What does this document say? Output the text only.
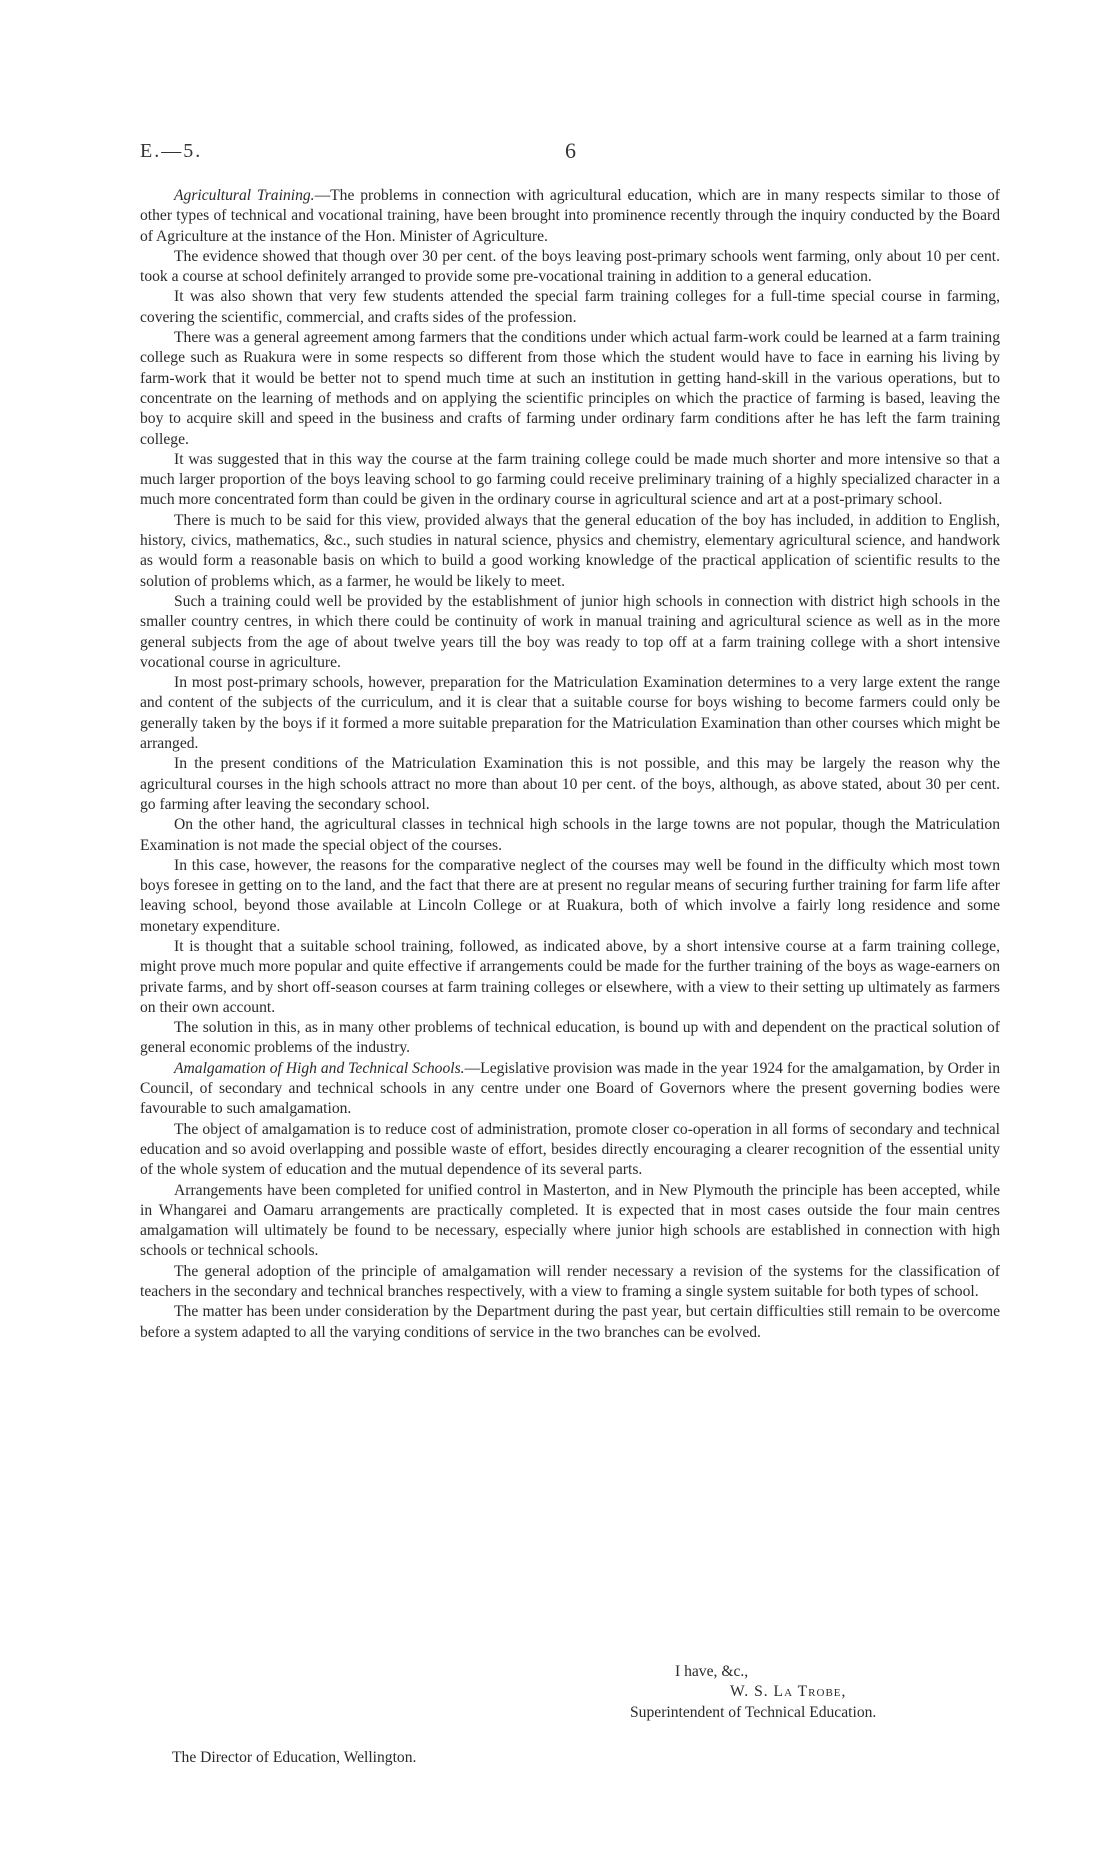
E.—5.	6

Agricultural Training.—The problems in connection with agricultural education, which are in many respects similar to those of other types of technical and vocational training, have been brought into prominence recently through the inquiry conducted by the Board of Agriculture at the instance of the Hon. Minister of Agriculture.

The evidence showed that though over 30 per cent. of the boys leaving post-primary schools went farming, only about 10 per cent. took a course at school definitely arranged to provide some pre-vocational training in addition to a general education.

It was also shown that very few students attended the special farm training colleges for a full-time special course in farming, covering the scientific, commercial, and crafts sides of the profession.

There was a general agreement among farmers that the conditions under which actual farm-work could be learned at a farm training college such as Ruakura were in some respects so different from those which the student would have to face in earning his living by farm-work that it would be better not to spend much time at such an institution in getting hand-skill in the various operations, but to concentrate on the learning of methods and on applying the scientific principles on which the practice of farming is based, leaving the boy to acquire skill and speed in the business and crafts of farming under ordinary farm conditions after he has left the farm training college.

It was suggested that in this way the course at the farm training college could be made much shorter and more intensive so that a much larger proportion of the boys leaving school to go farming could receive preliminary training of a highly specialized character in a much more concentrated form than could be given in the ordinary course in agricultural science and art at a post-primary school.

There is much to be said for this view, provided always that the general education of the boy has included, in addition to English, history, civics, mathematics, &c., such studies in natural science, physics and chemistry, elementary agricultural science, and handwork as would form a reasonable basis on which to build a good working knowledge of the practical application of scientific results to the solution of problems which, as a farmer, he would be likely to meet.

Such a training could well be provided by the establishment of junior high schools in connection with district high schools in the smaller country centres, in which there could be continuity of work in manual training and agricultural science as well as in the more general subjects from the age of about twelve years till the boy was ready to top off at a farm training college with a short intensive vocational course in agriculture.

In most post-primary schools, however, preparation for the Matriculation Examination determines to a very large extent the range and content of the subjects of the curriculum, and it is clear that a suitable course for boys wishing to become farmers could only be generally taken by the boys if it formed a more suitable preparation for the Matriculation Examination than other courses which might be arranged.

In the present conditions of the Matriculation Examination this is not possible, and this may be largely the reason why the agricultural courses in the high schools attract no more than about 10 per cent. of the boys, although, as above stated, about 30 per cent. go farming after leaving the secondary school.

On the other hand, the agricultural classes in technical high schools in the large towns are not popular, though the Matriculation Examination is not made the special object of the courses.

In this case, however, the reasons for the comparative neglect of the courses may well be found in the difficulty which most town boys foresee in getting on to the land, and the fact that there are at present no regular means of securing further training for farm life after leaving school, beyond those available at Lincoln College or at Ruakura, both of which involve a fairly long residence and some monetary expenditure.

It is thought that a suitable school training, followed, as indicated above, by a short intensive course at a farm training college, might prove much more popular and quite effective if arrangements could be made for the further training of the boys as wage-earners on private farms, and by short off-season courses at farm training colleges or elsewhere, with a view to their setting up ultimately as farmers on their own account.

The solution in this, as in many other problems of technical education, is bound up with and dependent on the practical solution of general economic problems of the industry.

Amalgamation of High and Technical Schools.—Legislative provision was made in the year 1924 for the amalgamation, by Order in Council, of secondary and technical schools in any centre under one Board of Governors where the present governing bodies were favourable to such amalgamation.

The object of amalgamation is to reduce cost of administration, promote closer co-operation in all forms of secondary and technical education and so avoid overlapping and possible waste of effort, besides directly encouraging a clearer recognition of the essential unity of the whole system of education and the mutual dependence of its several parts.

Arrangements have been completed for unified control in Masterton, and in New Plymouth the principle has been accepted, while in Whangarei and Oamaru arrangements are practically completed. It is expected that in most cases outside the four main centres amalgamation will ultimately be found to be necessary, especially where junior high schools are established in connection with high schools or technical schools.

The general adoption of the principle of amalgamation will render necessary a revision of the systems for the classification of teachers in the secondary and technical branches respectively, with a view to framing a single system suitable for both types of school.

The matter has been under consideration by the Department during the past year, but certain difficulties still remain to be overcome before a system adapted to all the varying conditions of service in the two branches can be evolved.

I have, &c.,
W. S. La Trobe,
Superintendent of Technical Education.
The Director of Education, Wellington.
